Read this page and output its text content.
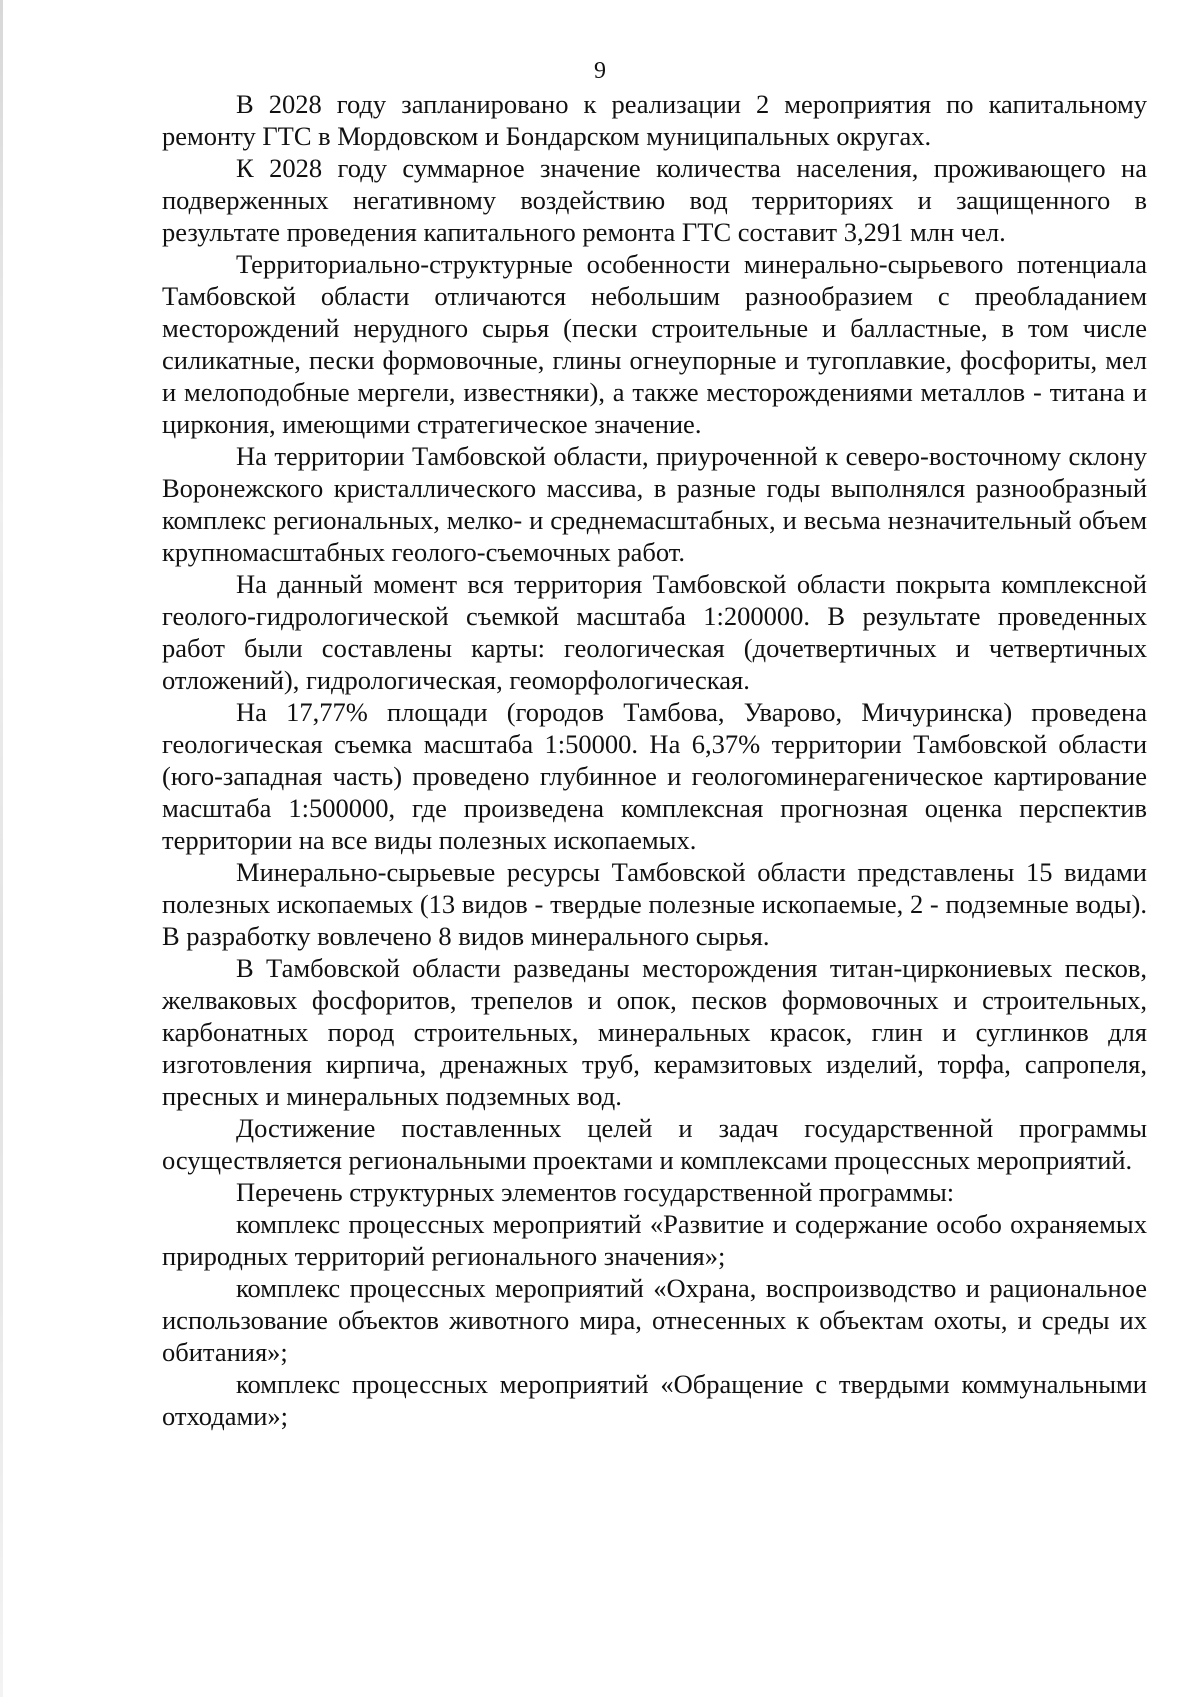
9

В 2028 году запланировано к реализации 2 мероприятия по капитальному ремонту ГТС в Мордовском и Бондарском муниципальных округах.

К 2028 году суммарное значение количества населения, проживающего на подверженных негативному воздействию вод территориях и защищенного в результате проведения капитального ремонта ГТС составит 3,291 млн чел.

Территориально-структурные особенности минерально-сырьевого потенциала Тамбовской области отличаются небольшим разнообразием с преобладанием месторождений нерудного сырья (пески строительные и балластные, в том числе силикатные, пески формовочные, глины огнеупорные и тугоплавкие, фосфориты, мел и мелоподобные мергели, известняки), а также месторождениями металлов - титана и циркония, имеющими стратегическое значение.

На территории Тамбовской области, приуроченной к северо-восточному склону Воронежского кристаллического массива, в разные годы выполнялся разнообразный комплекс региональных, мелко- и среднемасштабных, и весьма незначительный объем крупномасштабных геолого-съемочных работ.

На данный момент вся территория Тамбовской области покрыта комплексной геолого-гидрологической съемкой масштаба 1:200000. В результате проведенных работ были составлены карты: геологическая (дочетвертичных и четвертичных отложений), гидрологическая, геоморфологическая.

На 17,77% площади (городов Тамбова, Уварово, Мичуринска) проведена геологическая съемка масштаба 1:50000. На 6,37% территории Тамбовской области (юго-западная часть) проведено глубинное и геологоминерагеническое картирование масштаба 1:500000, где произведена комплексная прогнозная оценка перспектив территории на все виды полезных ископаемых.

Минерально-сырьевые ресурсы Тамбовской области представлены 15 видами полезных ископаемых (13 видов - твердые полезные ископаемые, 2 - подземные воды). В разработку вовлечено 8 видов минерального сырья.

В Тамбовской области разведаны месторождения титан-циркониевых песков, желваковых фосфоритов, трепелов и опок, песков формовочных и строительных, карбонатных пород строительных, минеральных красок, глин и суглинков для изготовления кирпича, дренажных труб, керамзитовых изделий, торфа, сапропеля, пресных и минеральных подземных вод.

Достижение поставленных целей и задач государственной программы осуществляется региональными проектами и комплексами процессных мероприятий.

Перечень структурных элементов государственной программы:

комплекс процессных мероприятий «Развитие и содержание особо охраняемых природных территорий регионального значения»;

комплекс процессных мероприятий «Охрана, воспроизводство и рациональное использование объектов животного мира, отнесенных к объектам охоты, и среды их обитания»;

комплекс процессных мероприятий «Обращение с твердыми коммунальными отходами»;
